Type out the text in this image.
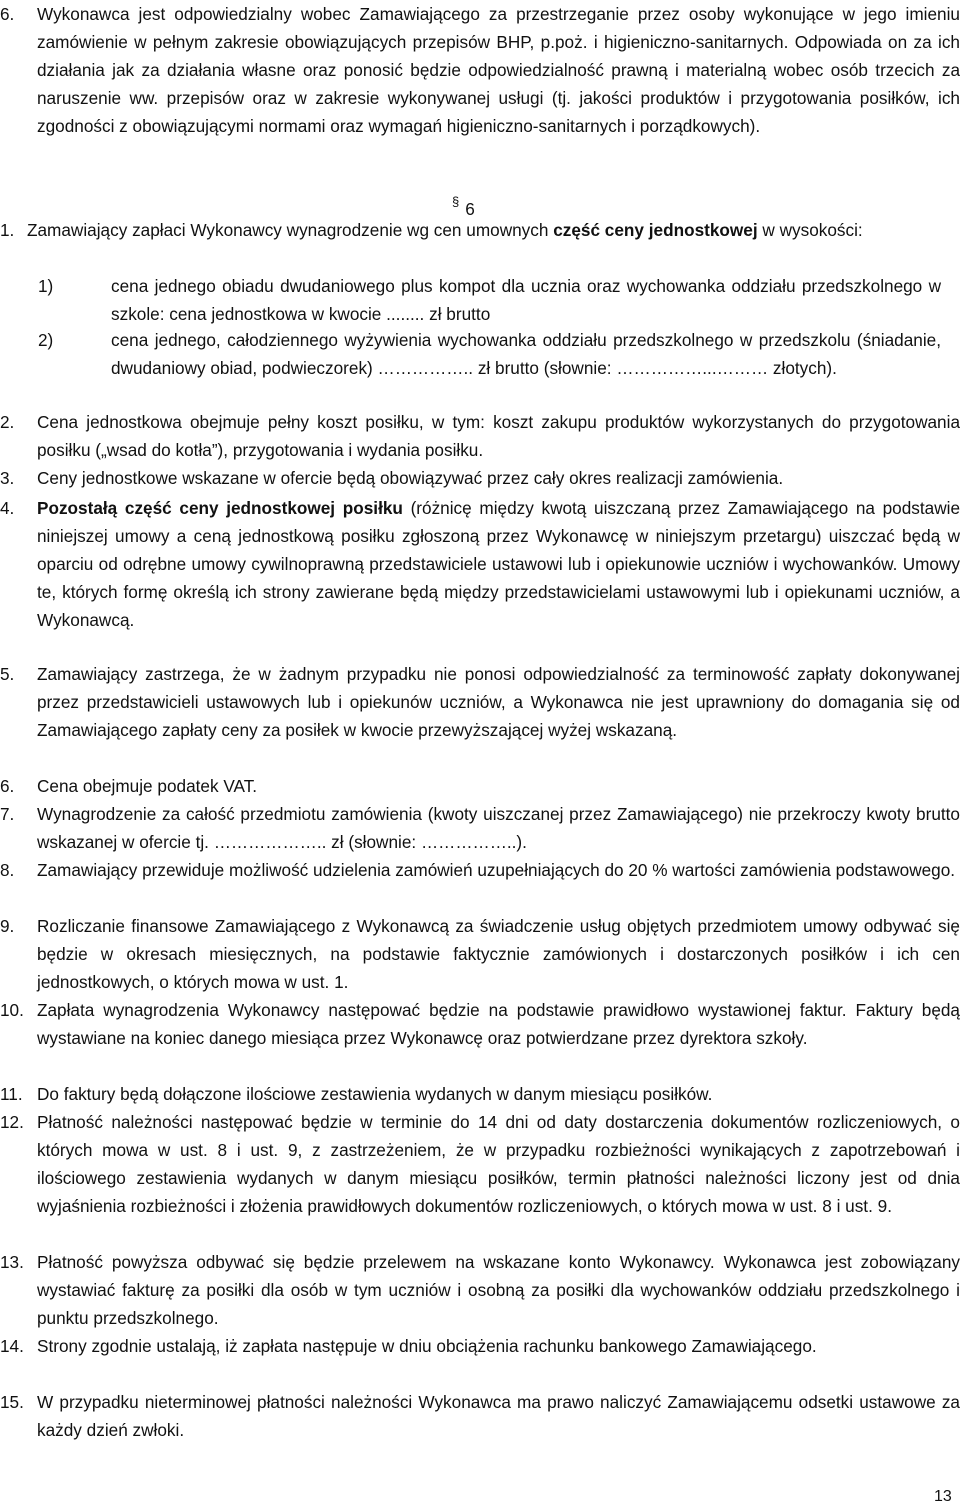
6.	Wykonawca jest odpowiedzialny wobec Zamawiającego za przestrzeganie przez osoby wykonujące w jego imieniu zamówienie w pełnym zakresie obowiązujących przepisów BHP, p.poż. i higieniczno-sanitarnych. Odpowiada on za ich działania jak za działania własne oraz ponosić będzie odpowiedzialność prawną i materialną wobec osób trzecich za naruszenie ww. przepisów oraz w zakresie wykonywanej usługi (tj. jakości produktów i przygotowania posiłków, ich zgodności z obowiązującymi normami oraz wymagań higieniczno-sanitarnych i porządkowych).

§ 6

1. Zamawiający zapłaci Wykonawcy wynagrodzenie wg cen umownych część ceny jednostkowej w wysokości:

1)	cena jednego obiadu dwudaniowego plus kompot dla ucznia oraz wychowanka oddziału przedszkolnego w szkole: cena jednostkowa w kwocie ........ zł brutto

2)	cena jednego, całodziennego wyżywienia wychowanka oddziału przedszkolnego w przedszkolu (śniadanie, dwudaniowy obiad, podwieczorek) …………….. zł brutto (słownie: ……………...……… złotych).

2.	Cena jednostkowa obejmuje pełny koszt posiłku, w tym: koszt zakupu produktów wykorzystanych do przygotowania posiłku („wsad do kotła”), przygotowania i wydania posiłku.

3.	Ceny jednostkowe wskazane w ofercie będą obowiązywać przez cały okres realizacji zamówienia.

4.	Pozostałą część ceny jednostkowej posiłku (różnicę między kwotą uiszczaną przez Zamawiającego na podstawie niniejszej umowy a ceną jednostkową posiłku zgłoszoną przez Wykonawcę w niniejszym przetargu) uiszczać będą w oparciu od odrębne umowy cywilnoprawną przedstawiciele ustawowi lub i opiekunowie uczniów i wychowanków. Umowy te, których formę określą ich strony zawierane będą między przedstawicielami ustawowymi lub i opiekunami uczniów, a Wykonawcą.

5.	Zamawiający zastrzega, że w żadnym przypadku nie ponosi odpowiedzialność za terminowość zapłaty dokonywanej przez przedstawicieli ustawowych lub i opiekunów uczniów, a Wykonawca nie jest uprawniony do domagania się od Zamawiającego zapłaty ceny za posiłek w kwocie przewyższającej wyżej wskazaną.

6.	Cena obejmuje podatek VAT.

7.	Wynagrodzenie za całość przedmiotu zamówienia (kwoty uiszczanej przez Zamawiającego) nie przekroczy kwoty brutto wskazanej w ofercie tj. ……………….. zł (słownie: ……………..).

8.	Zamawiający przewiduje możliwość udzielenia zamówień uzupełniających do 20 % wartości zamówienia podstawowego.

9.	Rozliczanie finansowe Zamawiającego z Wykonawcą za świadczenie usług objętych przedmiotem umowy odbywać się będzie w okresach miesięcznych, na podstawie faktycznie zamówionych i dostarczonych posiłków i ich cen jednostkowych, o których mowa w ust. 1.

10. Zapłata wynagrodzenia Wykonawcy następować będzie na podstawie prawidłowo wystawionej faktur. Faktury będą wystawiane na koniec danego miesiąca przez Wykonawcę oraz potwierdzane przez dyrektora szkoły.

11. Do faktury będą dołączone ilościowe zestawienia wydanych w danym miesiącu posiłków.

12. Płatność należności następować będzie w terminie do 14 dni od daty dostarczenia dokumentów rozliczeniowych, o których mowa w ust. 8 i ust. 9, z zastrzeżeniem, że w przypadku rozbieżności wynikających z zapotrzebowań i ilościowego zestawienia wydanych w danym miesiącu posiłków, termin płatności należności liczony jest od dnia wyjaśnienia rozbieżności i złożenia prawidłowych dokumentów rozliczeniowych, o których mowa w ust. 8 i ust. 9.

13. Płatność powyższa odbywać się będzie przelewem na wskazane konto Wykonawcy. Wykonawca jest zobowiązany wystawiać fakturę za posiłki dla osób w tym uczniów i osobną za posiłki dla wychowanków oddziału przedszkolnego i punktu przedszkolnego.

14. Strony zgodnie ustalają, iż zapłata następuje w dniu obciążenia rachunku bankowego Zamawiającego.

15. W przypadku nieterminowej płatności należności Wykonawca ma prawo naliczyć Zamawiającemu odsetki ustawowe za każdy dzień zwłoki.

13
